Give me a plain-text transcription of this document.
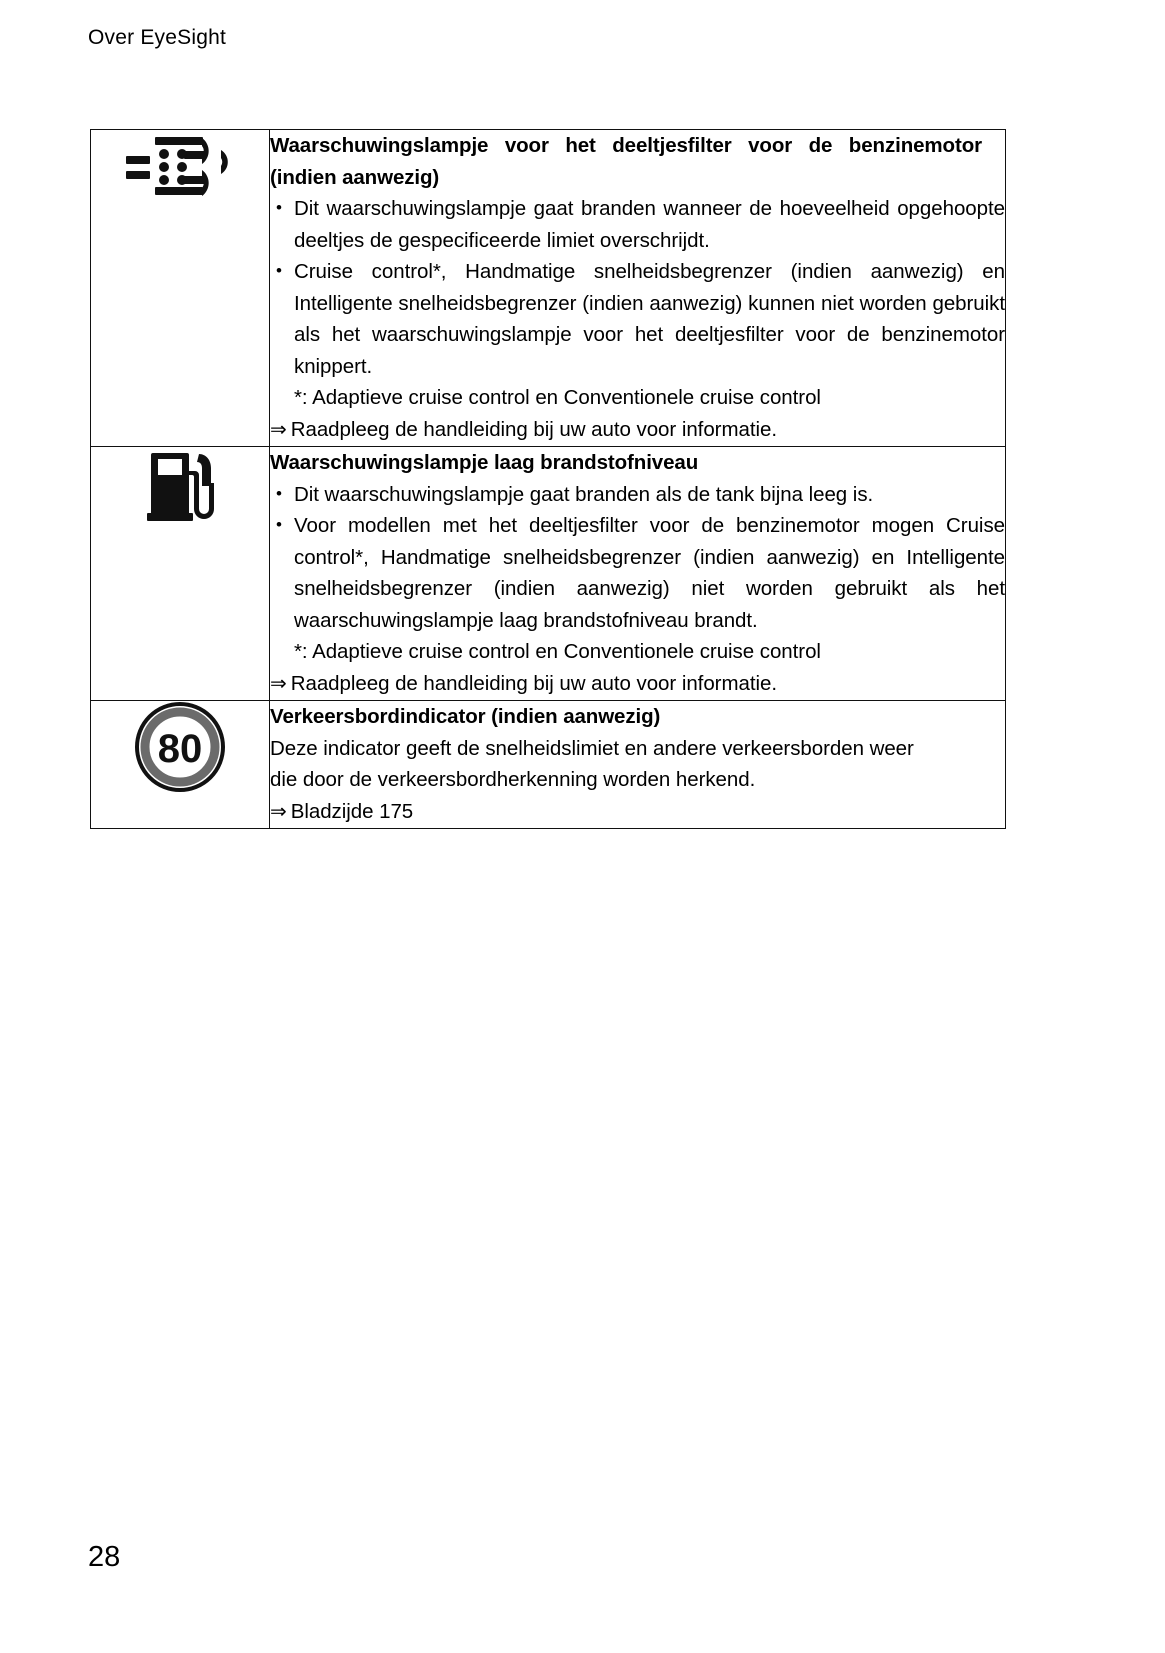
Over EyeSight

Waarschuwingslampje voor het deeltjesfilter voor de benzinemotor (indien aanwezig)
• Dit waarschuwingslampje gaat branden wanneer de hoeveelheid opgehoopte deeltjes de gespecificeerde limiet overschrijdt.
• Cruise control*, Handmatige snelheidsbegrenzer (indien aanwezig) en Intelligente snelheidsbegrenzer (indien aanwezig) kunnen niet worden gebruikt als het waarschuwingslampje voor het deeltjesfilter voor de benzinemotor knippert.
*: Adaptieve cruise control en Conventionele cruise control
⇒ Raadpleeg de handleiding bij uw auto voor informatie.

Waarschuwingslampje laag brandstofniveau
• Dit waarschuwingslampje gaat branden als de tank bijna leeg is.
• Voor modellen met het deeltjesfilter voor de benzinemotor mogen Cruise control*, Handmatige snelheidsbegrenzer (indien aanwezig) en Intelligente snelheidsbegrenzer (indien aanwezig) niet worden gebruikt als het waarschuwingslampje laag brandstofniveau brandt.
*: Adaptieve cruise control en Conventionele cruise control
⇒ Raadpleeg de handleiding bij uw auto voor informatie.

80	Verkeersbordindicator (indien aanwezig)

Deze indicator geeft de snelheidslimiet en andere verkeersborden weer
die door de verkeersbordherkenning worden herkend.

⇒ Bladzijde 175
28
